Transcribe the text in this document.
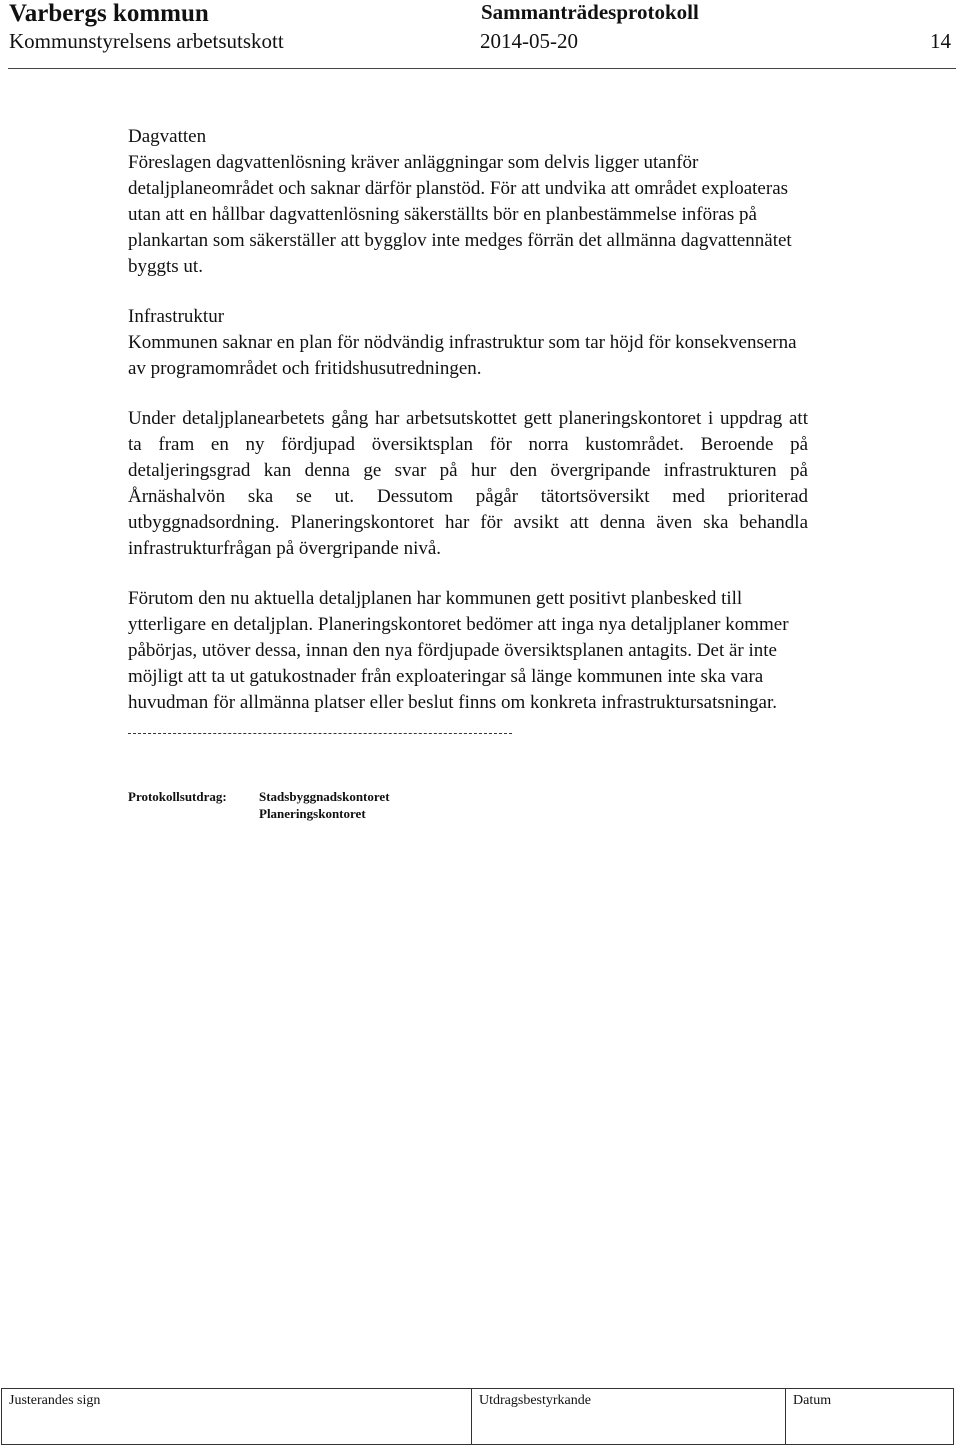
Varbergs kommun	Sammanträdesprotokoll
Kommunstyrelsens arbetsutskott	2014-05-20	14

Dagvatten
Föreslagen dagvattenlösning kräver anläggningar som delvis ligger utanför detaljplaneområdet och saknar därför planstöd. För att undvika att området exploateras utan att en hållbar dagvattenlösning säkerställts bör en planbestämmelse införas på plankartan som säkerställer att bygglov inte medges förrän det allmänna dagvattennätet byggts ut.

Infrastruktur
Kommunen saknar en plan för nödvändig infrastruktur som tar höjd för konsekvenserna av programområdet och fritidshusutredningen.

Under detaljplanearbetets gång har arbetsutskottet gett planeringskontoret i uppdrag att ta fram en ny fördjupad översiktsplan för norra kustområdet. Beroende på detaljeringsgrad kan denna ge svar på hur den övergripande infrastrukturen på Årnäshalvön ska se ut. Dessutom pågår tätortsöversikt med prioriterad utbyggnadsordning. Planeringskontoret har för avsikt att denna även ska behandla infrastrukturfrågan på övergripande nivå.

Förutom den nu aktuella detaljplanen har kommunen gett positivt planbesked till ytterligare en detaljplan. Planeringskontoret bedömer att inga nya detaljplaner kommer påbörjas, utöver dessa, innan den nya fördjupade översiktsplanen antagits. Det är inte möjligt att ta ut gatukostnader från exploateringar så länge kommunen inte ska vara huvudman för allmänna platser eller beslut finns om konkreta infrastruktursatsningar.

Protokollsutdrag: Stadsbyggnadskontoret
Planeringskontoret
Justerandes sign	Utdragsbestyrkande	Datum
